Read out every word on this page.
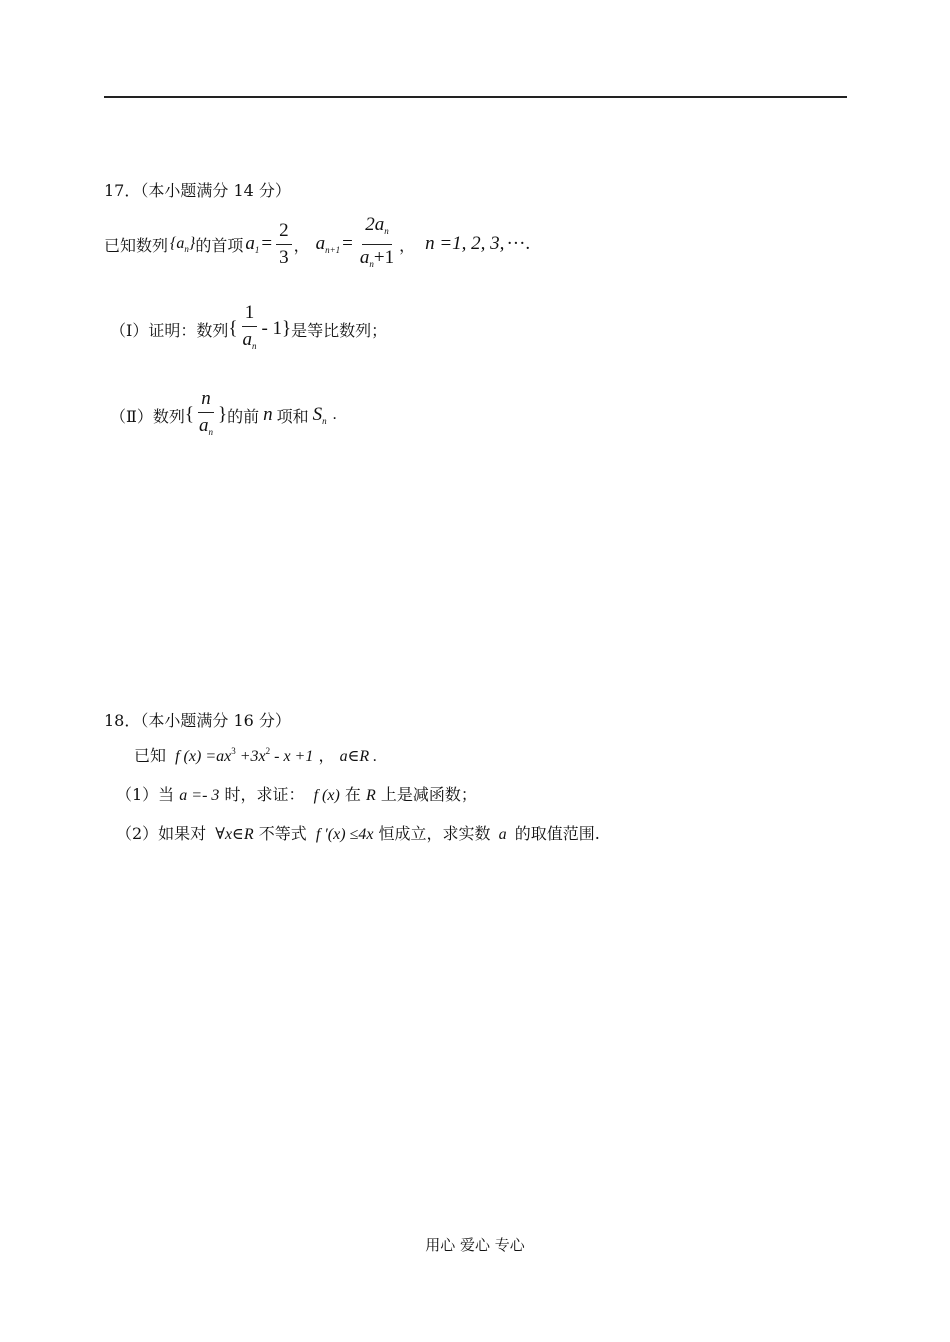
17．（本小题满分 14 分）
已知数列 $\{a_n\}$ 的首项 $a_1 = \frac{2}{3}$ ， $a_{n+1} = \frac{2a_n}{a_n+1}$ ， n =1, 2, 3, ···.
（Ⅰ）证明：数列 { $\frac{1}{a_n} - 1$} 是等比数列；
（Ⅱ）数列 { $\frac{n}{a_n}$ } 的前 n 项和 $S_n$ .
18．（本小题满分 16 分）
已知 f $(x) =ax^3 +3x^2 - x +1$ ， a∈R .
（1）当 a =- 3 时，求证： f (x) 在 R 上是减函数；
（2）如果对 ∀x∈R 不等式 f ′(x) ≤4x 恒成立，求实数 a 的取值范围.
用心 爱心 专心
